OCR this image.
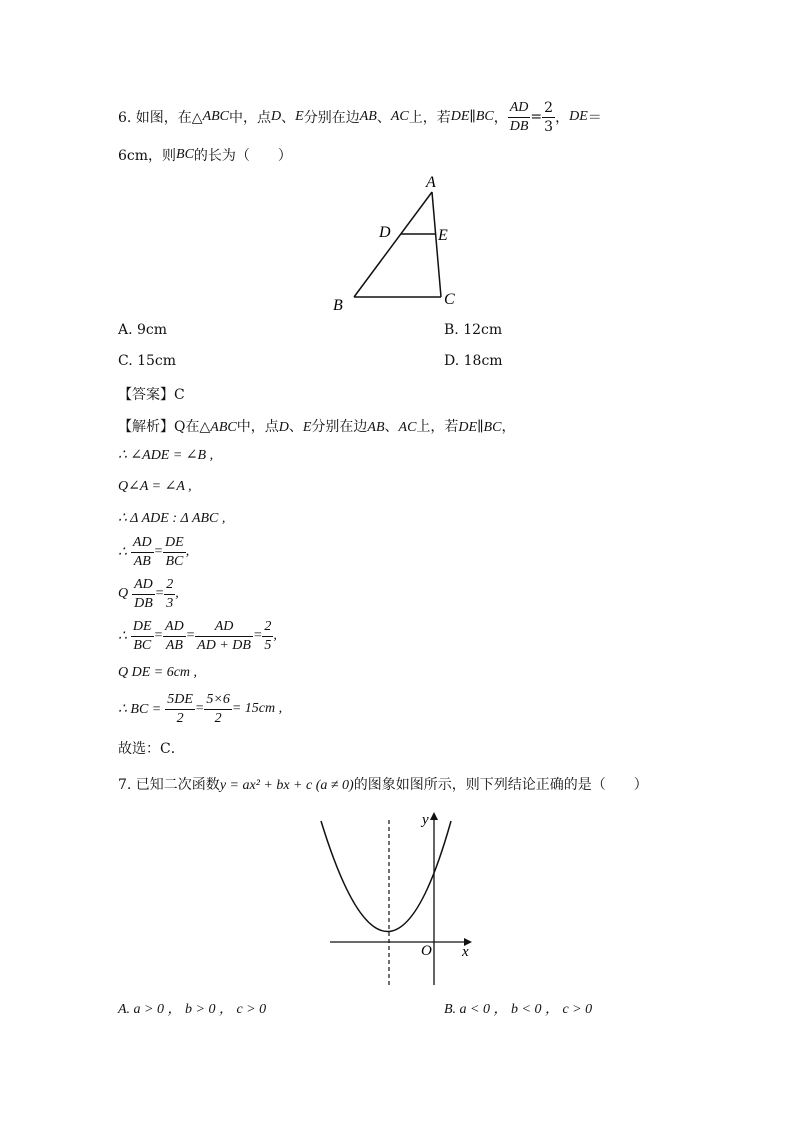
6. 如图，在△ ABC 中，点 D 、 E 分别在边 AB 、 AC 上，若 DE ∥ BC ， $\frac{AD}{DB} = \frac{2}{3}$ ， DE ＝
6cm，则 BC 的长为（　　）
A
D	E
B	C
A. 9cm	B. 12cm
C. 15cm	D. 18cm
【答案】C
【解析】Q在△ABC中，点D、E分别在边AB、AC上，若DE∥BC，
∴ ∠ADE = ∠B ,
Q∠A = ∠A ,
∴ Δ ADE : Δ ABC ,
∴ $\frac{AD}{AB} = \frac{DE}{BC}$ ,
Q $\frac{AD}{DB} = \frac{2}{3}$ ,
∴ $\frac{DE}{BC} = \frac{AD}{AB} = \frac{AD}{AD + DB} = \frac{2}{5}$ ,
Q DE = 6cm ,
∴ BC = $\frac{5DE}{2} = \frac{5\times 6}{2} = 15cm$ ,
故选：C．
7. 已知二次函数y = ax² + bx + c (a ≠ 0)的图象如图所示，则下列结论正确的是（　　）
y
x
O
A. a > 0 ， b > 0 ， c > 0	B. a < 0 ， b < 0 ， c > 0
